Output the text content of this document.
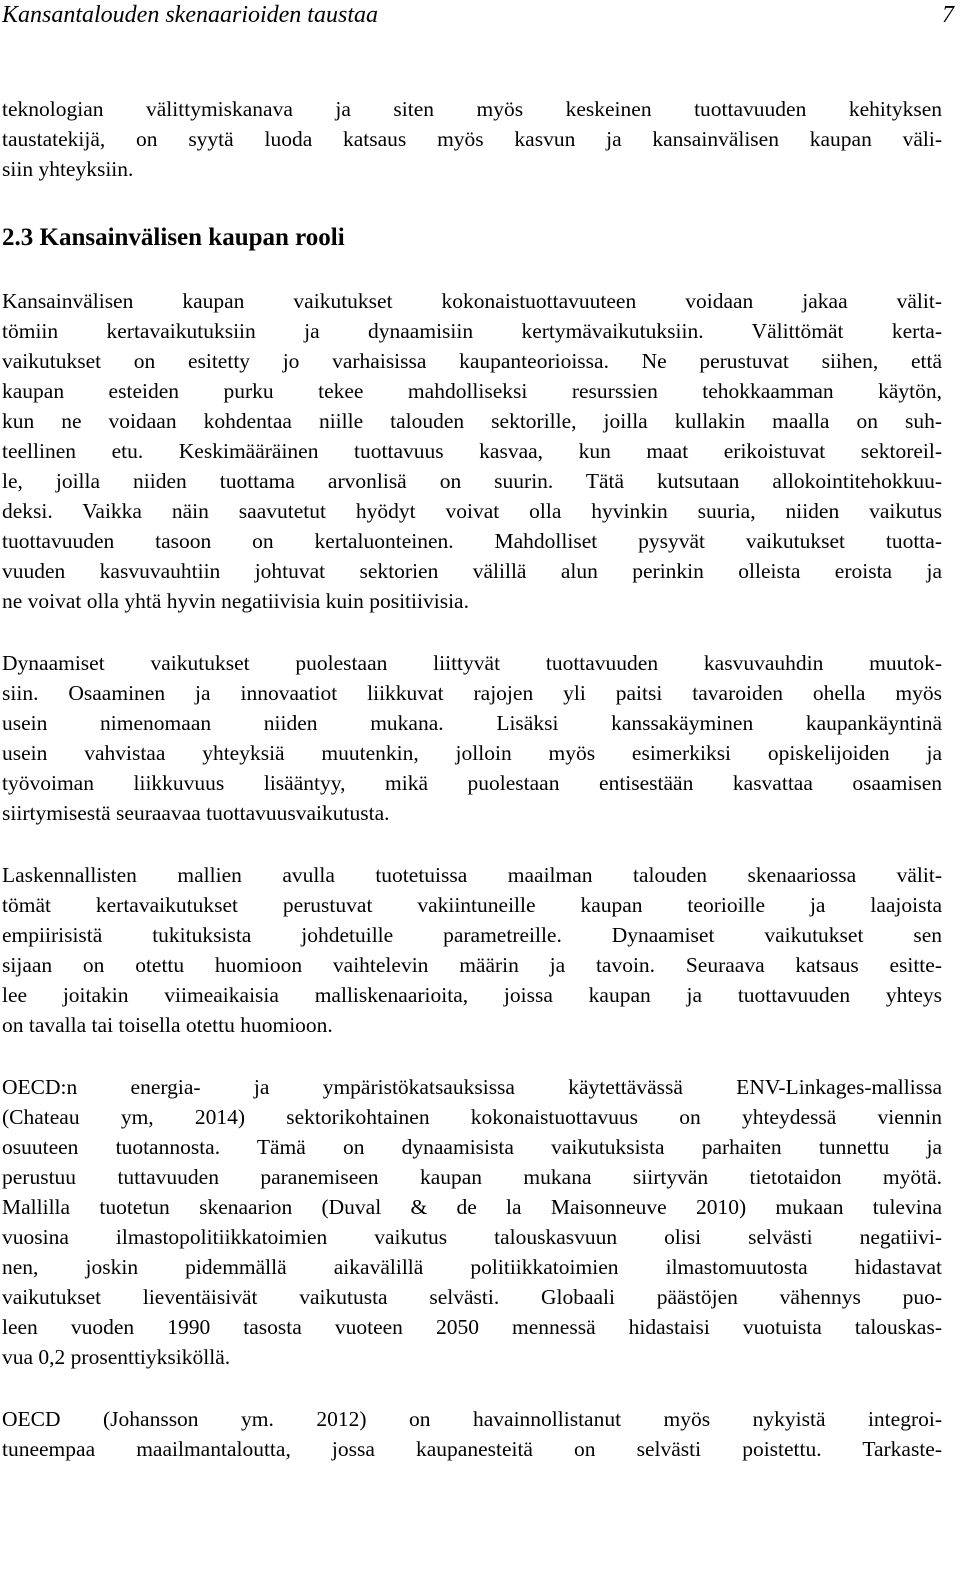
Kansantalouden skenaarioiden taustaa	7
teknologian välittymiskanava ja siten myös keskeinen tuottavuuden kehityksen
taustatekijä, on syytä luoda katsaus myös kasvun ja kansainvälisen kaupan väli-
siin yhteyksiin.
2.3 Kansainvälisen kaupan rooli
Kansainvälisen kaupan vaikutukset kokonaistuottavuuteen voidaan jakaa välit-
tömiin kertavaikutuksiin ja dynaamisiin kertymävaikutuksiin. Välittömät kerta-
vaikutukset on esitetty jo varhaisissa kaupanteorioissa. Ne perustuvat siihen, että
kaupan esteiden purku tekee mahdolliseksi resurssien tehokkaamman käytön,
kun ne voidaan kohdentaa niille talouden sektorille, joilla kullakin maalla on suh-
teellinen etu. Keskimääräinen tuottavuus kasvaa, kun maat erikoistuvat sektoreil-
le, joilla niiden tuottama arvonlisä on suurin. Tätä kutsutaan allokointitehokkuu-
deksi. Vaikka näin saavutetut hyödyt voivat olla hyvinkin suuria, niiden vaikutus
tuottavuuden tasoon on kertaluonteinen. Mahdolliset pysyvät vaikutukset tuotta-
vuuden kasvuvauhtiin johtuvat sektorien välillä alun perinkin olleista eroista ja
ne voivat olla yhtä hyvin negatiivisia kuin positiivisia.
Dynaamiset vaikutukset puolestaan liittyvät tuottavuuden kasvuvauhdin muutok-
siin. Osaaminen ja innovaatiot liikkuvat rajojen yli paitsi tavaroiden ohella myös
usein nimenomaan niiden mukana. Lisäksi kanssakäyminen kaupankäyntinä
usein vahvistaa yhteyksiä muutenkin, jolloin myös esimerkiksi opiskelijoiden ja
työvoiman liikkuvuus lisääntyy, mikä puolestaan entisestään kasvattaa osaamisen
siirtymisestä seuraavaa tuottavuusvaikutusta.
Laskennallisten mallien avulla tuotetuissa maailman talouden skenaariossa välit-
tömät kertavaikutukset perustuvat vakiintuneille kaupan teorioille ja laajoista
empiirisistä tukituksista johdetuille parametreille. Dynaamiset vaikutukset sen
sijaan on otettu huomioon vaihtelevin määrin ja tavoin. Seuraava katsaus esitte-
lee joitakin viimeaikaisia malliskenaarioita, joissa kaupan ja tuottavuuden yhteys
on tavalla tai toisella otettu huomioon.
OECD:n energia- ja ympäristökatsauksissa käytettävässä ENV-Linkages-mallissa
(Chateau ym, 2014) sektorikohtainen kokonaistuottavuus on yhteydessä viennin
osuuteen tuotannosta. Tämä on dynaamisista vaikutuksista parhaiten tunnettu ja
perustuu tuttavuuden paranemiseen kaupan mukana siirtyvän tietotaidon myötä.
Mallilla tuotetun skenaarion (Duval & de la Maisonneuve 2010) mukaan tulevina
vuosina ilmastopolitiikkatoimien vaikutus talouskasvuun olisi selvästi negatiivi-
nen, joskin pidemmällä aikavälillä politiikkatoimien ilmastomuutosta hidastavat
vaikutukset lieventäisivät vaikutusta selvästi. Globaali päästöjen vähennys puo-
leen vuoden 1990 tasosta vuoteen 2050 mennessä hidastaisi vuotuista talouskas-
vua 0,2 prosenttiyksiköllä.
OECD (Johansson ym. 2012) on havainnollistanut myös nykyistä integroi-
tuneempaa maailmantaloutta, jossa kaupanesteitä on selvästi poistettu. Tarkaste-
